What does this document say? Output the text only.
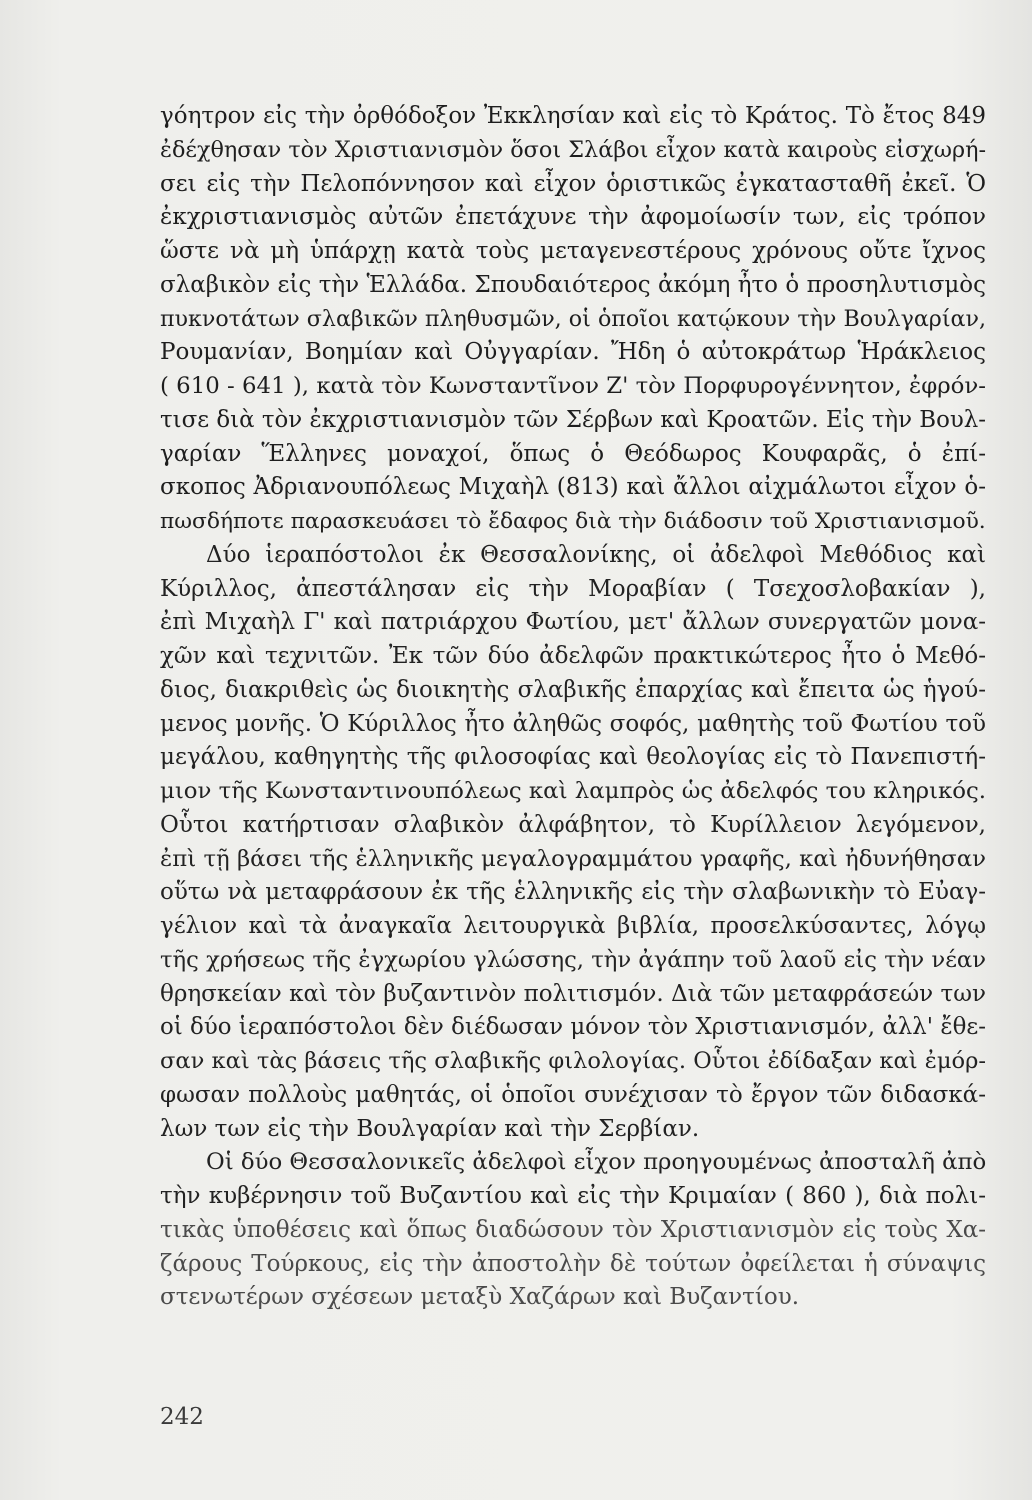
γόητρον εἰς τὴν ὀρθόδοξον Ἐκκλησίαν καὶ εἰς τὸ Κράτος. Τὸ ἔτος 849
ἐδέχθησαν τὸν Χριστιανισμὸν ὅσοι Σλάβοι εἶχον κατὰ καιροὺς εἰσχωρή-
σει εἰς τὴν Πελοπόννησον καὶ εἶχον ὁριστικῶς ἐγκατασταθῆ ἐκεῖ. Ὁ
ἐκχριστιανισμὸς αὐτῶν ἐπετάχυνε τὴν ἀφομοίωσίν των, εἰς τρόπον
ὥστε νὰ μὴ ὑπάρχῃ κατὰ τοὺς μεταγενεστέρους χρόνους οὔτε ἴχνος
σλαβικὸν εἰς τὴν Ἑλλάδα. Σπουδαιότερος ἀκόμη ἦτο ὁ προσηλυτισμὸς
πυκνοτάτων σλαβικῶν πληθυσμῶν, οἱ ὁποῖοι κατῴκουν τὴν Βουλγαρίαν,
Ρουμανίαν, Βοημίαν καὶ Οὐγγαρίαν. Ἤδη ὁ αὐτοκράτωρ Ἡράκλειος
( 610 - 641 ), κατὰ τὸν Κωνσταντῖνον Ζ' τὸν Πορφυρογέννητον, ἐφρόν-
τισε διὰ τὸν ἐκχριστιανισμὸν τῶν Σέρβων καὶ Κροατῶν. Εἰς τὴν Βουλ-
γαρίαν Ἕλληνες μοναχοί, ὅπως ὁ Θεόδωρος Κουφαρᾶς, ὁ ἐπί-
σκοπος Ἀδριανουπόλεως Μιχαὴλ (813) καὶ ἄλλοι αἰχμάλωτοι εἶχον ὁ-
πωσδήποτε παρασκευάσει τὸ ἔδαφος διὰ τὴν διάδοσιν τοῦ Χριστιανισμοῦ.
Δύο ἱεραπόστολοι ἐκ Θεσσαλονίκης, οἱ ἀδελφοὶ Μεθόδιος καὶ
Κύριλλος, ἀπεστάλησαν εἰς τὴν Μοραβίαν ( Τσεχοσλοβακίαν ),
ἐπὶ Μιχαὴλ Γ' καὶ πατριάρχου Φωτίου, μετ' ἄλλων συνεργατῶν μονα-
χῶν καὶ τεχνιτῶν. Ἐκ τῶν δύο ἀδελφῶν πρακτικώτερος ἦτο ὁ Μεθό-
διος, διακριθεὶς ὡς διοικητὴς σλαβικῆς ἐπαρχίας καὶ ἔπειτα ὡς ἡγού-
μενος μονῆς. Ὁ Κύριλλος ἦτο ἀληθῶς σοφός, μαθητὴς τοῦ Φωτίου τοῦ
μεγάλου, καθηγητὴς τῆς φιλοσοφίας καὶ θεολογίας εἰς τὸ Πανεπιστή-
μιον τῆς Κωνσταντινουπόλεως καὶ λαμπρὸς ὡς ἀδελφός του κληρικός.
Οὗτοι κατήρτισαν σλαβικὸν ἀλφάβητον, τὸ Κυρίλλειον λεγόμενον,
ἐπὶ τῇ βάσει τῆς ἑλληνικῆς μεγαλογραμμάτου γραφῆς, καὶ ἠδυνήθησαν
οὕτω νὰ μεταφράσουν ἐκ τῆς ἑλληνικῆς εἰς τὴν σλαβωνικὴν τὸ Εὐαγ-
γέλιον καὶ τὰ ἀναγκαῖα λειτουργικὰ βιβλία, προσελκύσαντες, λόγῳ
τῆς χρήσεως τῆς ἐγχωρίου γλώσσης, τὴν ἀγάπην τοῦ λαοῦ εἰς τὴν νέαν
θρησκείαν καὶ τὸν βυζαντινὸν πολιτισμόν. Διὰ τῶν μεταφράσεών των
οἱ δύο ἱεραπόστολοι δὲν διέδωσαν μόνον τὸν Χριστιανισμόν, ἀλλ' ἔθε-
σαν καὶ τὰς βάσεις τῆς σλαβικῆς φιλολογίας. Οὗτοι ἐδίδαξαν καὶ ἐμόρ-
φωσαν πολλοὺς μαθητάς, οἱ ὁποῖοι συνέχισαν τὸ ἔργον τῶν διδασκά-
λων των εἰς τὴν Βουλγαρίαν καὶ τὴν Σερβίαν.
Οἱ δύο Θεσσαλονικεῖς ἀδελφοὶ εἶχον προηγουμένως ἀποσταλῆ ἀπὸ
τὴν κυβέρνησιν τοῦ Βυζαντίου καὶ εἰς τὴν Κριμαίαν ( 860 ), διὰ πολι-
τικὰς ὑποθέσεις καὶ ὅπως διαδώσουν τὸν Χριστιανισμὸν εἰς τοὺς Χα-
ζάρους Τούρκους, εἰς τὴν ἀποστολὴν δὲ τούτων ὀφείλεται ἡ σύναψις
στενωτέρων σχέσεων μεταξὺ Χαζάρων καὶ Βυζαντίου.
242
